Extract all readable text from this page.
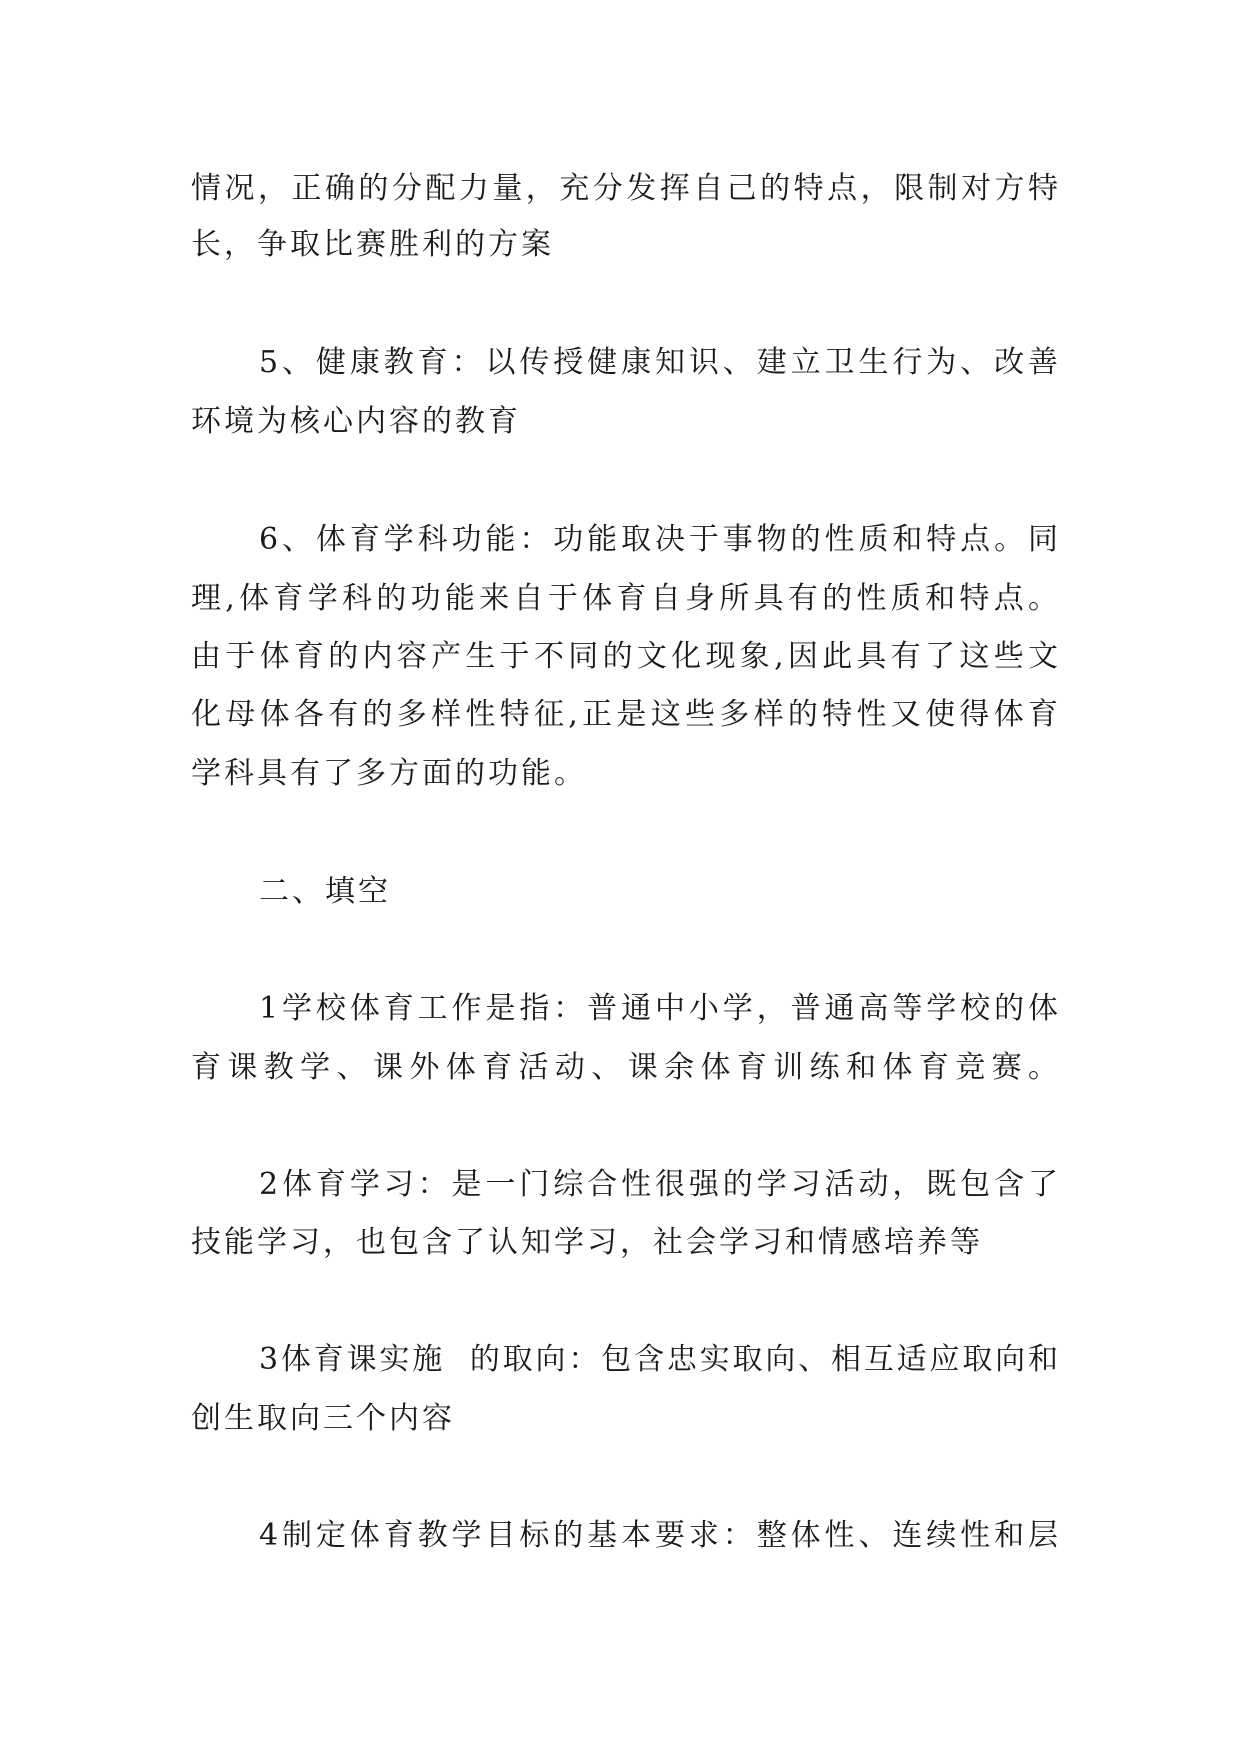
情况，正确的分配力量，充分发挥自己的特点，限制对方特
长，争取比赛胜利的方案
5、健康教育：以传授健康知识、建立卫生行为、改善
环境为核心内容的教育
6、体育学科功能：功能取决于事物的性质和特点。同
理,体育学科的功能来自于体育自身所具有的性质和特点。
由于体育的内容产生于不同的文化现象,因此具有了这些文
化母体各有的多样性特征,正是这些多样的特性又使得体育
学科具有了多方面的功能。
二、填空
1学校体育工作是指：普通中小学，普通高等学校的体
育课教学、课外体育活动、课余体育训练和体育竞赛。
2体育学习：是一门综合性很强的学习活动，既包含了
技能学习，也包含了认知学习，社会学习和情感培养等
3体育课实施  的取向：包含忠实取向、相互适应取向和
创生取向三个内容
4制定体育教学目标的基本要求：整体性、连续性和层
